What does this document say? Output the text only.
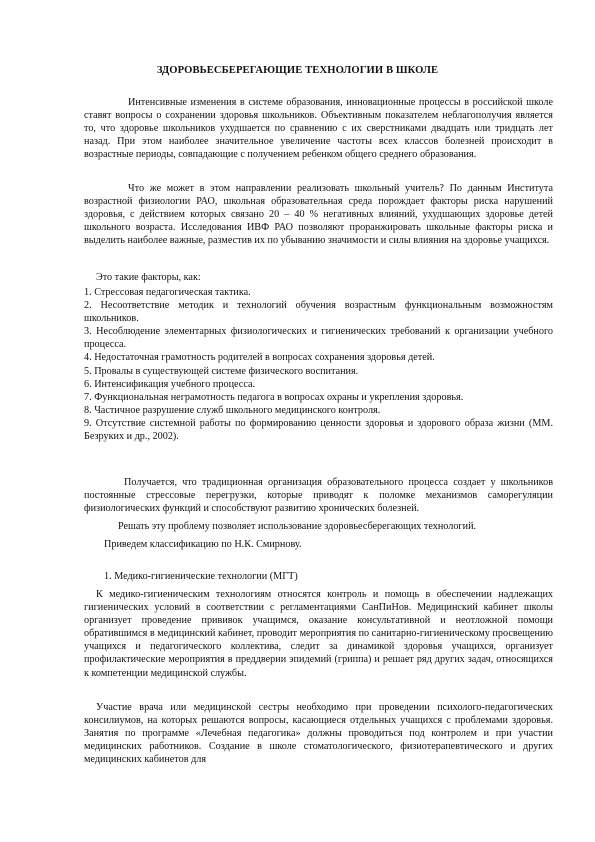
ЗДОРОВЬЕСБЕРЕГАЮЩИЕ ТЕХНОЛОГИИ В ШКОЛЕ

Интенсивные изменения в системе образования, инновационные процессы в российской школе ставят вопросы о сохранении здоровья школьников. Объективным показателем неблагополучия является то, что здоровье школьников ухудшается по сравнению с их сверстниками двадцать или тридцать лет назад. При этом наиболее значительное увеличение частоты всех классов болезней происходит в возрастные периоды, совпадающие с получением ребенком общего среднего образования.

Что же может в этом направлении реализовать школьный учитель? По данным Института возрастной физиологии РАО, школьная образовательная среда порождает факторы риска нарушений здоровья, с действием которых связано 20 – 40 % негативных влияний, ухудшающих здоровье детей школьного возраста. Исследования ИВФ РАО позволяют проранжировать школьные факторы риска и выделить наиболее важные, разместив их по убыванию значимости и силы влияния на здоровье учащихся.

Это такие факторы, как:

1. Стрессовая педагогическая тактика.
2. Несоответствие методик и технологий обучения возрастным функциональным возможностям школьников.
3. Несоблюдение элементарных физиологических и гигиенических требований к организации учебного процесса.
4. Недостаточная грамотность родителей в вопросах сохранения здоровья детей.
5. Провалы в существующей системе физического воспитания.
6. Интенсификация учебного процесса.
7. Функциональная неграмотность педагога в вопросах охраны и укрепления здоровья.
8. Частичное разрушение служб школьного медицинского контроля.
9. Отсутствие системной работы по формированию ценности здоровья и здорового образа жизни (ММ. Безруких и др., 2002).

Получается, что традиционная организация образовательного процесса создает у школьников постоянные стрессовые перегрузки, которые приводят к поломке механизмов саморегуляции физиологических функций и способствуют развитию хронических болезней.

Решать эту проблему позволяет использование здоровьесберегающих технологий.

Приведем классификацию по Н.К. Смирнову.

1. Медико-гигиенические технологии (МГТ)

К медико-гигиеническим технологиям относятся контроль и помощь в обеспечении надлежащих гигиенических условий в соответствии с регламентациями СанПиНов. Медицинский кабинет школы организует проведение прививок учащимся, оказание консультативной и неотложной помощи обратившимся в медицинский кабинет, проводит мероприятия по санитарно-гигиеническому просвещению учащихся и педагогического коллектива, следит за динамикой здоровья учащихся, организует профилактические мероприятия в преддверии эпидемий (гриппа) и решает ряд других задач, относящихся к компетенции медицинской службы.

Участие врача или медицинской сестры необходимо при проведении психолого-педагогических консилиумов, на которых решаются вопросы, касающиеся отдельных учащихся с проблемами здоровья. Занятия по программе «Лечебная педагогика» должны проводиться под контролем и при участии медицинских работников. Создание в школе стоматологического, физиотерапевтического и других медицинских кабинетов для
